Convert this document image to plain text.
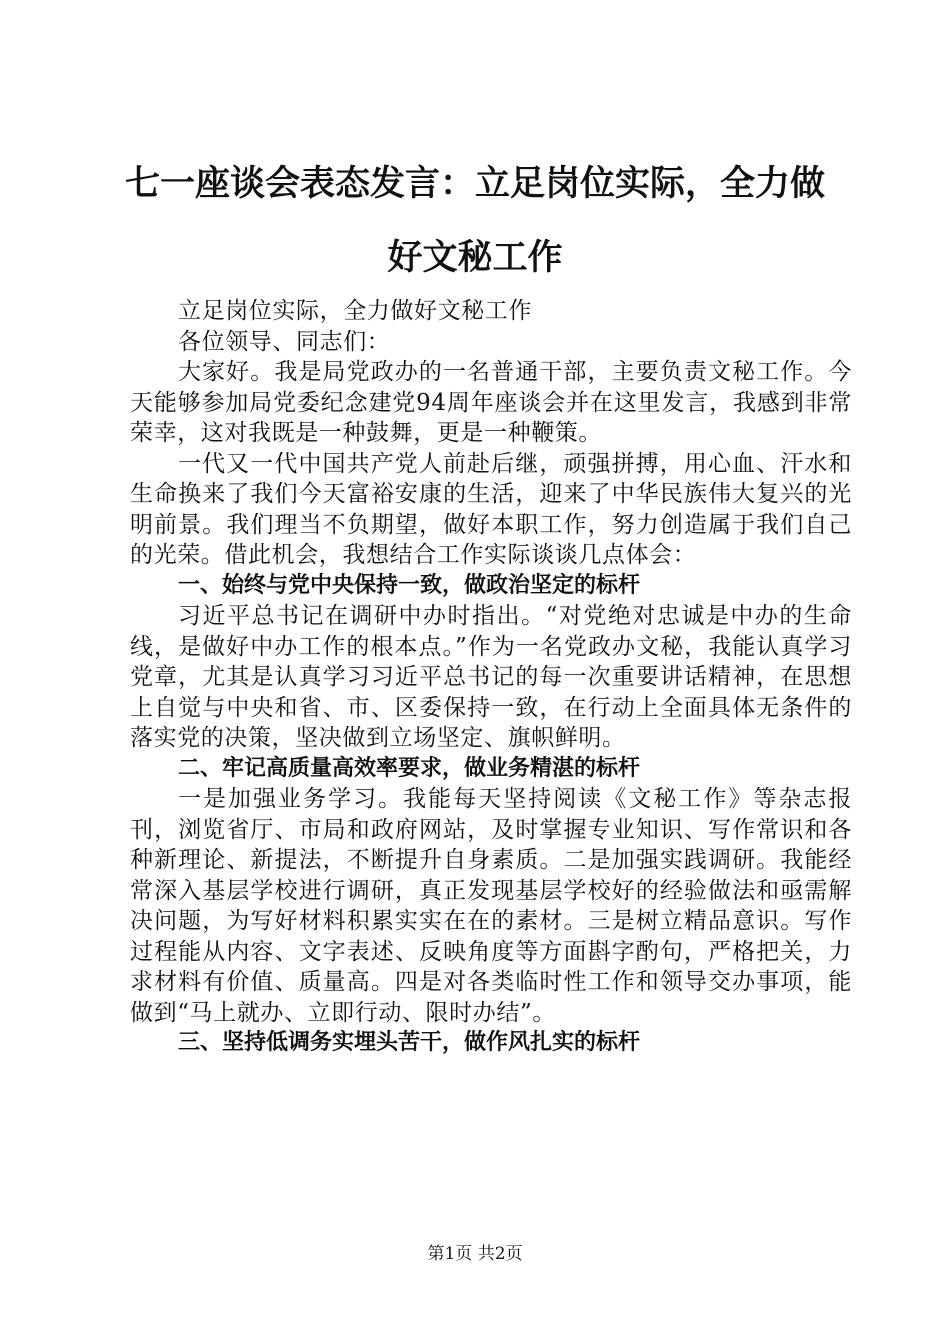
七一座谈会表态发言：立足岗位实际，全力做
好文秘工作

立足岗位实际，全力做好文秘工作

各位领导、同志们：

大家好。我是局党政办的一名普通干部，主要负责文秘工作。今天能够参加局党委纪念建党94周年座谈会并在这里发言，我感到非常荣幸，这对我既是一种鼓舞，更是一种鞭策。

一代又一代中国共产党人前赴后继，顽强拼搏，用心血、汗水和生命换来了我们今天富裕安康的生活，迎来了中华民族伟大复兴的光明前景。我们理当不负期望，做好本职工作，努力创造属于我们自己的光荣。借此机会，我想结合工作实际谈谈几点体会：

一、始终与党中央保持一致，做政治坚定的标杆

习近平总书记在调研中办时指出。“对党绝对忠诚是中办的生命线，是做好中办工作的根本点。”作为一名党政办文秘，我能认真学习党章，尤其是认真学习习近平总书记的每一次重要讲话精神，在思想上自觉与中央和省、市、区委保持一致，在行动上全面具体无条件的落实党的决策，坚决做到立场坚定、旗帜鲜明。

二、牢记高质量高效率要求，做业务精湛的标杆

一是加强业务学习。我能每天坚持阅读《文秘工作》等杂志报刊，浏览省厅、市局和政府网站，及时掌握专业知识、写作常识和各种新理论、新提法，不断提升自身素质。二是加强实践调研。我能经常深入基层学校进行调研，真正发现基层学校好的经验做法和亟需解决问题，为写好材料积累实实在在的素材。三是树立精品意识。写作过程能从内容、文字表述、反映角度等方面斟字酌句，严格把关，力求材料有价值、质量高。四是对各类临时性工作和领导交办事项，能做到“马上就办、立即行动、限时办结”。

三、坚持低调务实埋头苦干，做作风扎实的标杆

第1页 共2页
